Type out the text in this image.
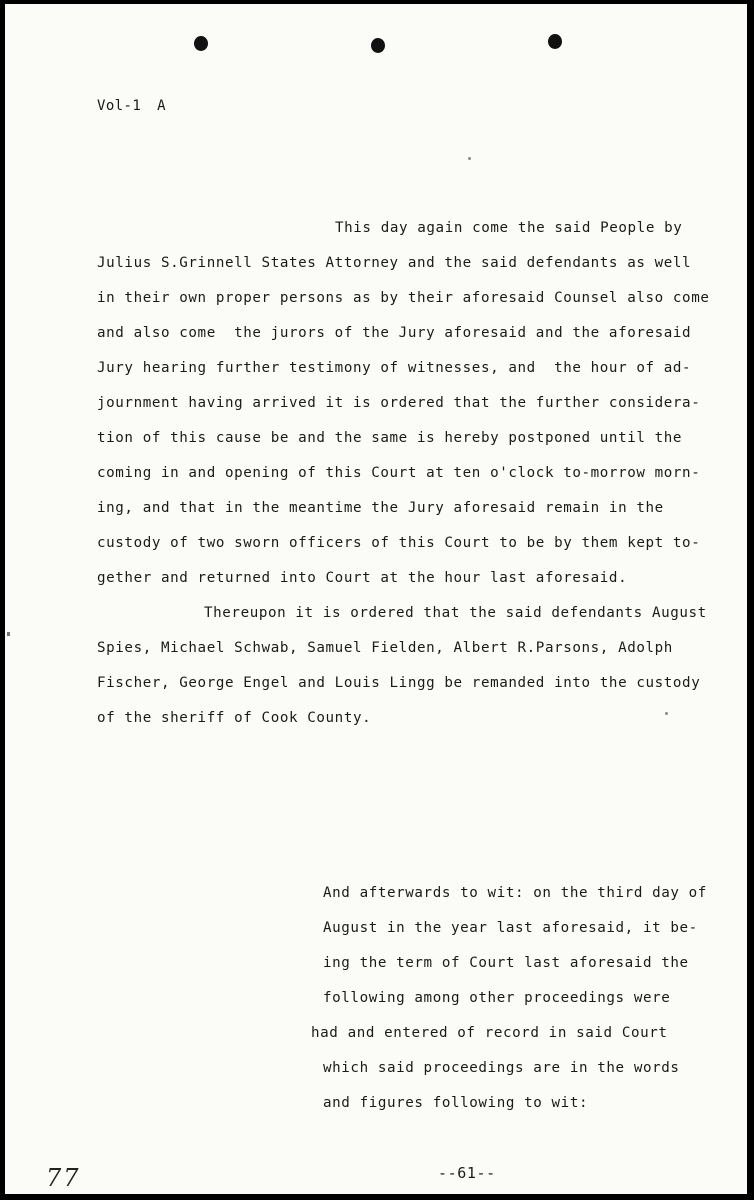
Vol-1 A
This day again come the said People by
Julius S.Grinnell States Attorney and the said defendants as well
in their own proper persons as by their aforesaid Counsel also come
and also come  the jurors of the Jury aforesaid and the aforesaid
Jury hearing further testimony of witnesses, and  the hour of ad-
journment having arrived it is ordered that the further considera-
tion of this cause be and the same is hereby postponed until the
coming in and opening of this Court at ten o'clock to-morrow morn-
ing, and that in the meantime the Jury aforesaid remain in the
custody of two sworn officers of this Court to be by them kept to-
gether and returned into Court at the hour last aforesaid.
Thereupon it is ordered that the said defendants August
Spies, Michael Schwab, Samuel Fielden, Albert R.Parsons, Adolph
Fischer, George Engel and Louis Lingg be remanded into the custody
of the sheriff of Cook County.
And afterwards to wit: on the third day of
August in the year last aforesaid, it be-
ing the term of Court last aforesaid the
following among other proceedings were
had and entered of record in said Court
which said proceedings are in the words
and figures following to wit:
--61--
77
